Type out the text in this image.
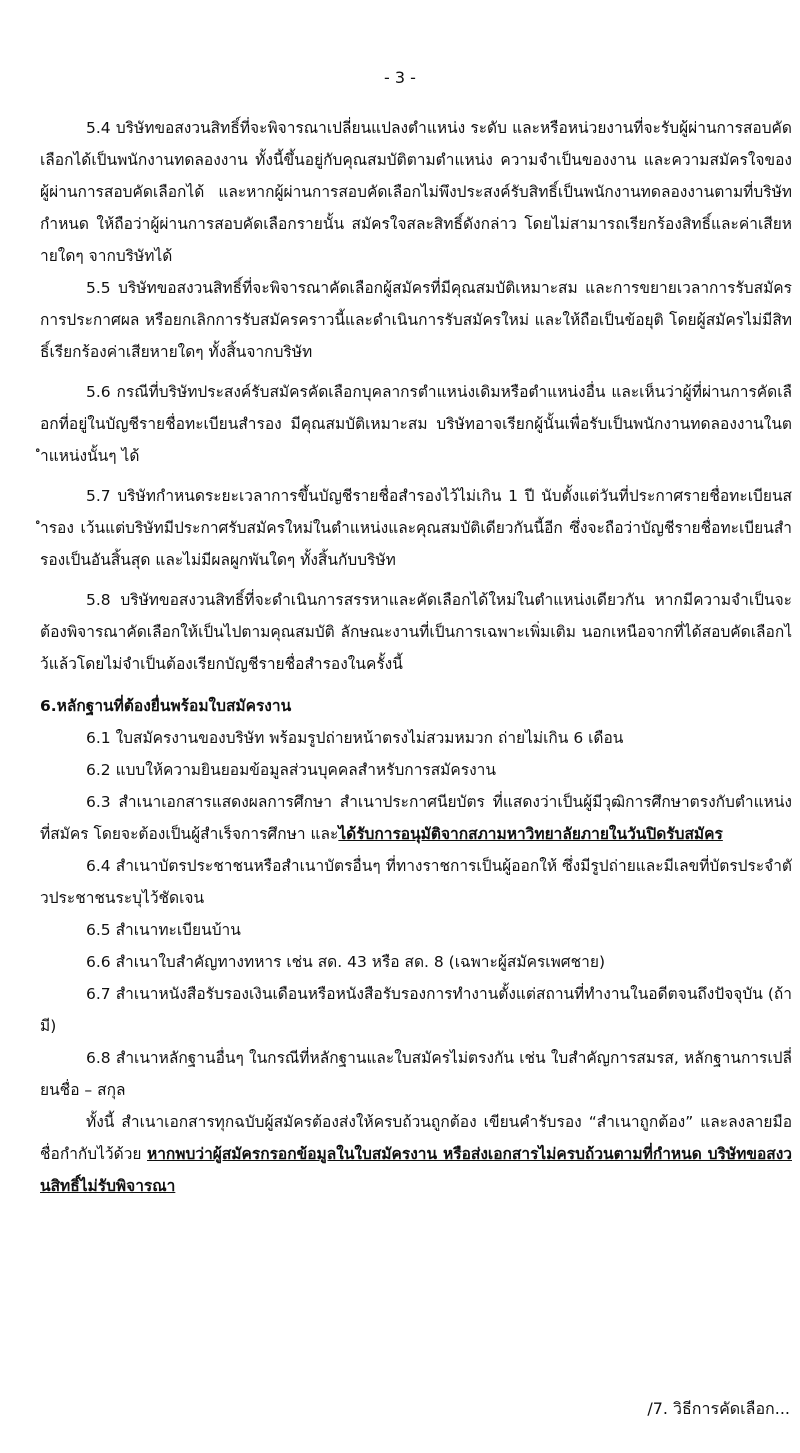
- 3 -

5.4 บริษัทขอสงวนสิทธิ์ที่จะพิจารณาเปลี่ยนแปลงตำแหน่ง ระดับ และหรือหน่วยงานที่จะรับผู้ผ่านการสอบคัดเลือกได้เป็นพนักงานทดลองงาน ทั้งนี้ขึ้นอยู่กับคุณสมบัติตามตำแหน่ง ความจำเป็นของงาน และความสมัครใจของผู้ผ่านการสอบคัดเลือกได้ และหากผู้ผ่านการสอบคัดเลือกไม่พึงประสงค์รับสิทธิ์เป็นพนักงานทดลองงานตามที่บริษัทกำหนด ให้ถือว่าผู้ผ่านการสอบคัดเลือกรายนั้น สมัครใจสละสิทธิ์ดังกล่าว โดยไม่สามารถเรียกร้องสิทธิ์และค่าเสียหายใดๆ จากบริษัทได้

5.5 บริษัทขอสงวนสิทธิ์ที่จะพิจารณาคัดเลือกผู้สมัครที่มีคุณสมบัติเหมาะสม และการขยายเวลาการรับสมัคร การประกาศผล หรือยกเลิกการรับสมัครคราวนี้และดำเนินการรับสมัครใหม่ และให้ถือเป็นข้อยุติ โดยผู้สมัครไม่มีสิทธิ์เรียกร้องค่าเสียหายใดๆ ทั้งสิ้นจากบริษัท

5.6 กรณีที่บริษัทประสงค์รับสมัครคัดเลือกบุคลากรตำแหน่งเดิมหรือตำแหน่งอื่น และเห็นว่าผู้ที่ผ่านการคัดเลือกที่อยู่ในบัญชีรายชื่อทะเบียนสำรอง มีคุณสมบัติเหมาะสม บริษัทอาจเรียกผู้นั้นเพื่อรับเป็นพนักงานทดลองงานในตำแหน่งนั้นๆ ได้

5.7 บริษัทกำหนดระยะเวลาการขึ้นบัญชีรายชื่อสำรองไว้ไม่เกิน 1 ปี นับตั้งแต่วันที่ประกาศรายชื่อทะเบียนสำรอง เว้นแต่บริษัทมีประกาศรับสมัครใหม่ในตำแหน่งและคุณสมบัติเดียวกันนี้อีก ซึ่งจะถือว่าบัญชีรายชื่อทะเบียนสำรองเป็นอันสิ้นสุด และไม่มีผลผูกพันใดๆ ทั้งสิ้นกับบริษัท

5.8 บริษัทขอสงวนสิทธิ์ที่จะดำเนินการสรรหาและคัดเลือกได้ใหม่ในตำแหน่งเดียวกัน หากมีความจำเป็นจะต้องพิจารณาคัดเลือกให้เป็นไปตามคุณสมบัติ ลักษณะงานที่เป็นการเฉพาะเพิ่มเติม นอกเหนือจากที่ได้สอบคัดเลือกไว้แล้วโดยไม่จำเป็นต้องเรียกบัญชีรายชื่อสำรองในครั้งนี้

6.หลักฐานที่ต้องยื่นพร้อมใบสมัครงาน

6.1 ใบสมัครงานของบริษัท พร้อมรูปถ่ายหน้าตรงไม่สวมหมวก ถ่ายไม่เกิน 6 เดือน

6.2 แบบให้ความยินยอมข้อมูลส่วนบุคคลสำหรับการสมัครงาน

6.3 สำเนาเอกสารแสดงผลการศึกษา สำเนาประกาศนียบัตร ที่แสดงว่าเป็นผู้มีวุฒิการศึกษาตรงกับตำแหน่งที่สมัคร โดยจะต้องเป็นผู้สำเร็จการศึกษา และได้รับการอนุมัติจากสภามหาวิทยาลัยภายในวันปิดรับสมัคร

6.4 สำเนาบัตรประชาชนหรือสำเนาบัตรอื่นๆ ที่ทางราชการเป็นผู้ออกให้ ซึ่งมีรูปถ่ายและมีเลขที่บัตรประจำตัวประชาชนระบุไว้ชัดเจน

6.5 สำเนาทะเบียนบ้าน

6.6 สำเนาใบสำคัญทางทหาร เช่น สด. 43 หรือ สด. 8 (เฉพาะผู้สมัครเพศชาย)

6.7 สำเนาหนังสือรับรองเงินเดือนหรือหนังสือรับรองการทำงานตั้งแต่สถานที่ทำงานในอดีตจนถึงปัจจุบัน (ถ้ามี)

6.8 สำเนาหลักฐานอื่นๆ ในกรณีที่หลักฐานและใบสมัครไม่ตรงกัน เช่น ใบสำคัญการสมรส, หลักฐานการเปลี่ยนชื่อ – สกุล

ทั้งนี้ สำเนาเอกสารทุกฉบับผู้สมัครต้องส่งให้ครบถ้วนถูกต้อง เขียนคำรับรอง “สำเนาถูกต้อง” และลงลายมือชื่อกำกับไว้ด้วย หากพบว่าผู้สมัครกรอกข้อมูลในใบสมัครงาน หรือส่งเอกสารไม่ครบถ้วนตามที่กำหนด บริษัทขอสงวนสิทธิ์ไม่รับพิจารณา

/7. วิธีการคัดเลือก...
